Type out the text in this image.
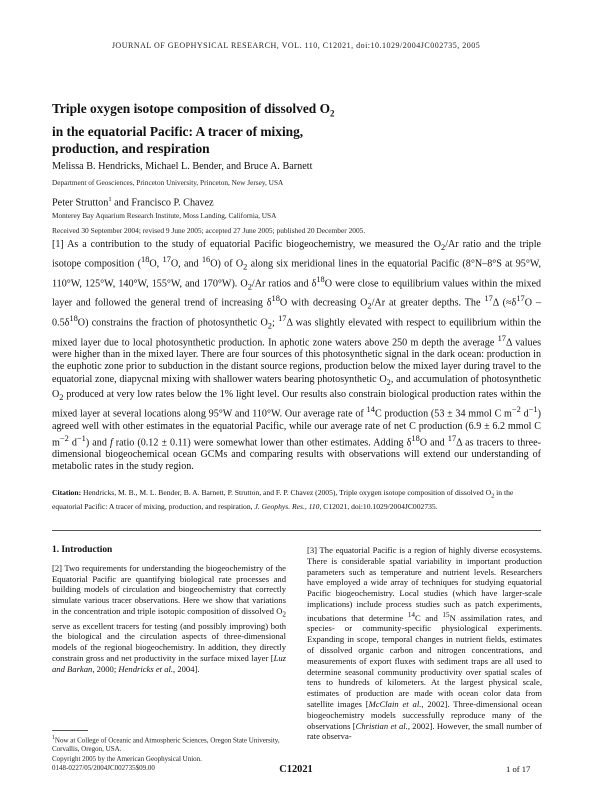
JOURNAL OF GEOPHYSICAL RESEARCH, VOL. 110, C12021, doi:10.1029/2004JC002735, 2005
Triple oxygen isotope composition of dissolved $O_2$
in the equatorial Pacific: A tracer of mixing,
production, and respiration
Melissa B. Hendricks, Michael L. Bender, and Bruce A. Barnett
Department of Geosciences, Princeton University, Princeton, New Jersey, USA
Peter Strutton$^1$ and Francisco P. Chavez
Monterey Bay Aquarium Research Institute, Moss Landing, California, USA
Received 30 September 2004; revised 9 June 2005; accepted 27 June 2005; published 20 December 2005.
[1] As a contribution to the study of equatorial Pacific biogeochemistry, we measured the $O_2/Ar$ ratio and the triple isotope composition ($^{18}$O, $^{17}$O, and $^{16}$O) of $O_2$ along six meridional lines in the equatorial Pacific (8°N–8°S at 95°W, 110°W, 125°W, 140°W, 155°W, and 170°W). $O_2/Ar$ ratios and $\delta^{18}O$ were close to equilibrium values within the mixed layer and followed the general trend of increasing $\delta^{18}O$ with decreasing $O_2/Ar$ at greater depths. The $^{17}$Δ $(\approx\delta^{17}O - 0.5\delta^{18}O)$ constrains the fraction of photosynthetic $O_2$; $^{17}$Δ was slightly elevated with respect to equilibrium within the mixed layer due to local photosynthetic production. In aphotic zone waters above 250 m depth the average $^{17}$Δ values were higher than in the mixed layer. There are four sources of this photosynthetic signal in the dark ocean: production in the euphotic zone prior to subduction in the distant source regions, production below the mixed layer during travel to the equatorial zone, diapycnal mixing with shallower waters bearing photosynthetic $O_2$, and accumulation of photosynthetic $O_2$ produced at very low rates below the 1% light level. Our results also constrain biological production rates within the mixed layer at several locations along 95°W and 110°W. Our average rate of $^{14}$C production (53 ± 34 mmol C $m^{-2}$ $d^{-1}$) agreed well with other estimates in the equatorial Pacific, while our average rate of net C production (6.9 ± 6.2 mmol C $m^{-2}$ $d^{-1}$) and f ratio (0.12 ± 0.11) were somewhat lower than other estimates. Adding $\delta^{18}O$ and $^{17}$Δ as tracers to three-dimensional biogeochemical ocean GCMs and comparing results with observations will extend our understanding of metabolic rates in the study region.
Citation: Hendricks, M. B., M. L. Bender, B. A. Barnett, P. Strutton, and F. P. Chavez (2005), Triple oxygen isotope composition of dissolved $O_2$ in the equatorial Pacific: A tracer of mixing, production, and respiration, J. Geophys. Res., 110, C12021, doi:10.1029/2004JC002735.
1. Introduction
[2] Two requirements for understanding the biogeochemistry of the Equatorial Pacific are quantifying biological rate processes and building models of circulation and biogeochemistry that correctly simulate various tracer observations. Here we show that variations in the concentration and triple isotopic composition of dissolved $O_2$ serve as excellent tracers for testing (and possibly improving) both the biological and the circulation aspects of three-dimensional models of the regional biogeochemistry. In addition, they directly constrain gross and net productivity in the surface mixed layer [Luz and Barkan, 2000; Hendricks et al., 2004].
$^1$Now at College of Oceanic and Atmospheric Sciences, Oregon State University, Corvallis, Oregon, USA.
Copyright 2005 by the American Geophysical Union.
0148-0227/05/2004JC002735$09.00
[3] The equatorial Pacific is a region of highly diverse ecosystems. There is considerable spatial variability in important production parameters such as temperature and nutrient levels. Researchers have employed a wide array of techniques for studying equatorial Pacific biogeochemistry. Local studies (which have larger-scale implications) include process studies such as patch experiments, incubations that determine $^{14}$C and $^{15}$N assimilation rates, and species- or community-specific physiological experiments. Expanding in scope, temporal changes in nutrient fields, estimates of dissolved organic carbon and nitrogen concentrations, and measurements of export fluxes with sediment traps are all used to determine seasonal community productivity over spatial scales of tens to hundreds of kilometers. At the largest physical scale, estimates of production are made with ocean color data from satellite images [McClain et al., 2002]. Three-dimensional ocean biogeochemistry models successfully reproduce many of the observations [Christian et al., 2002]. However, the small number of rate observa-
C12021	1 of 17
